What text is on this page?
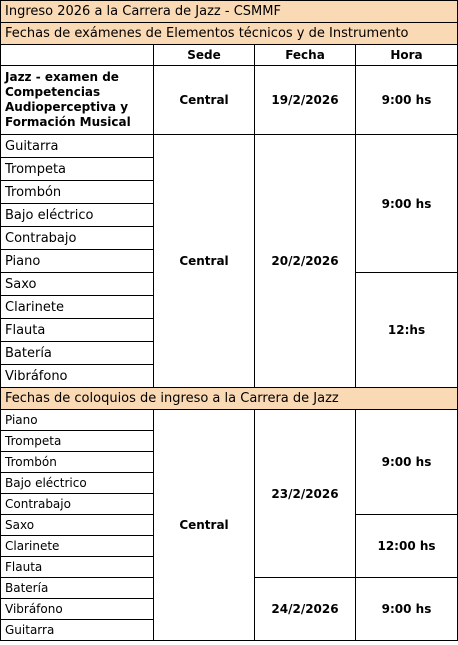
Ingreso 2026 a la Carrera de Jazz - CSMMF			
Fechas de exámenes de Elementos técnicos y de Instrumento			
	Sede	Fecha	Hora
Jazz - examen de Competencias Audioperceptiva y Formación Musical	Central	19/2/2026	9:00 hs
Guitarra	Central	20/2/2026	9:00 hs
Trompeta			
Trombón			
Bajo eléctrico			
Contrabajo			
Piano			
Saxo			12:hs
Clarinete			
Flauta			
Batería			
Vibráfono			
Fechas de coloquios de ingreso a la Carrera de Jazz			
Piano	Central	23/2/2026	9:00 hs
Trompeta			
Trombón			
Bajo eléctrico			
Contrabajo			
Saxo			12:00 hs
Clarinete			
Flauta			
Batería		24/2/2026	9:00 hs
Vibráfono			
Guitarra			
